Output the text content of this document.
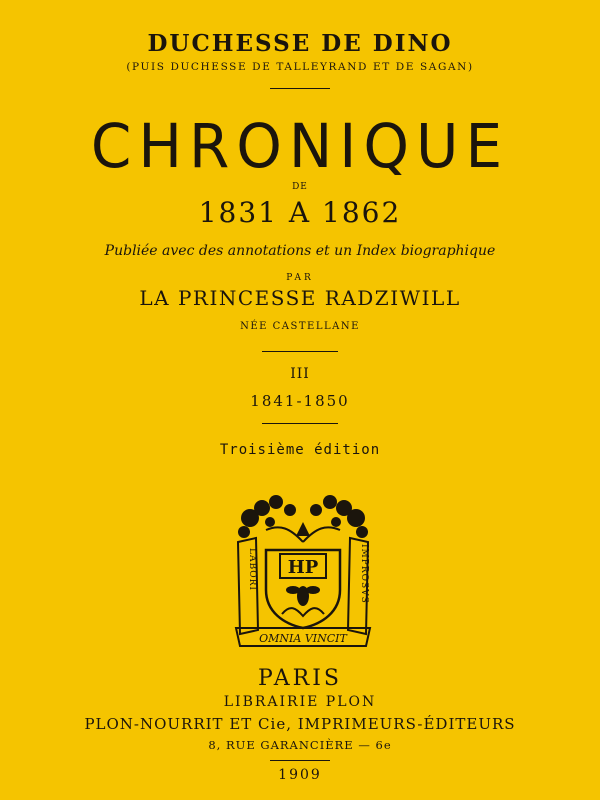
DUCHESSE DE DINO
(PUIS DUCHESSE DE TALLEYRAND ET DE SAGAN)
CHRONIQUE
DE
1831 A 1862
Publiée avec des annotations et un Index biographique
PAR
LA PRINCESSE RADZIWILL
NÉE CASTELLANE
III
1841-1850
Troisième édition
HP
LABORI	IMPROSVS
OMNIA VINCIT
PARIS
LIBRAIRIE PLON
PLON-NOURRIT ET Cie, IMPRIMEURS-ÉDITEURS
8, RUE GARANCIÈRE — 6e
1909
